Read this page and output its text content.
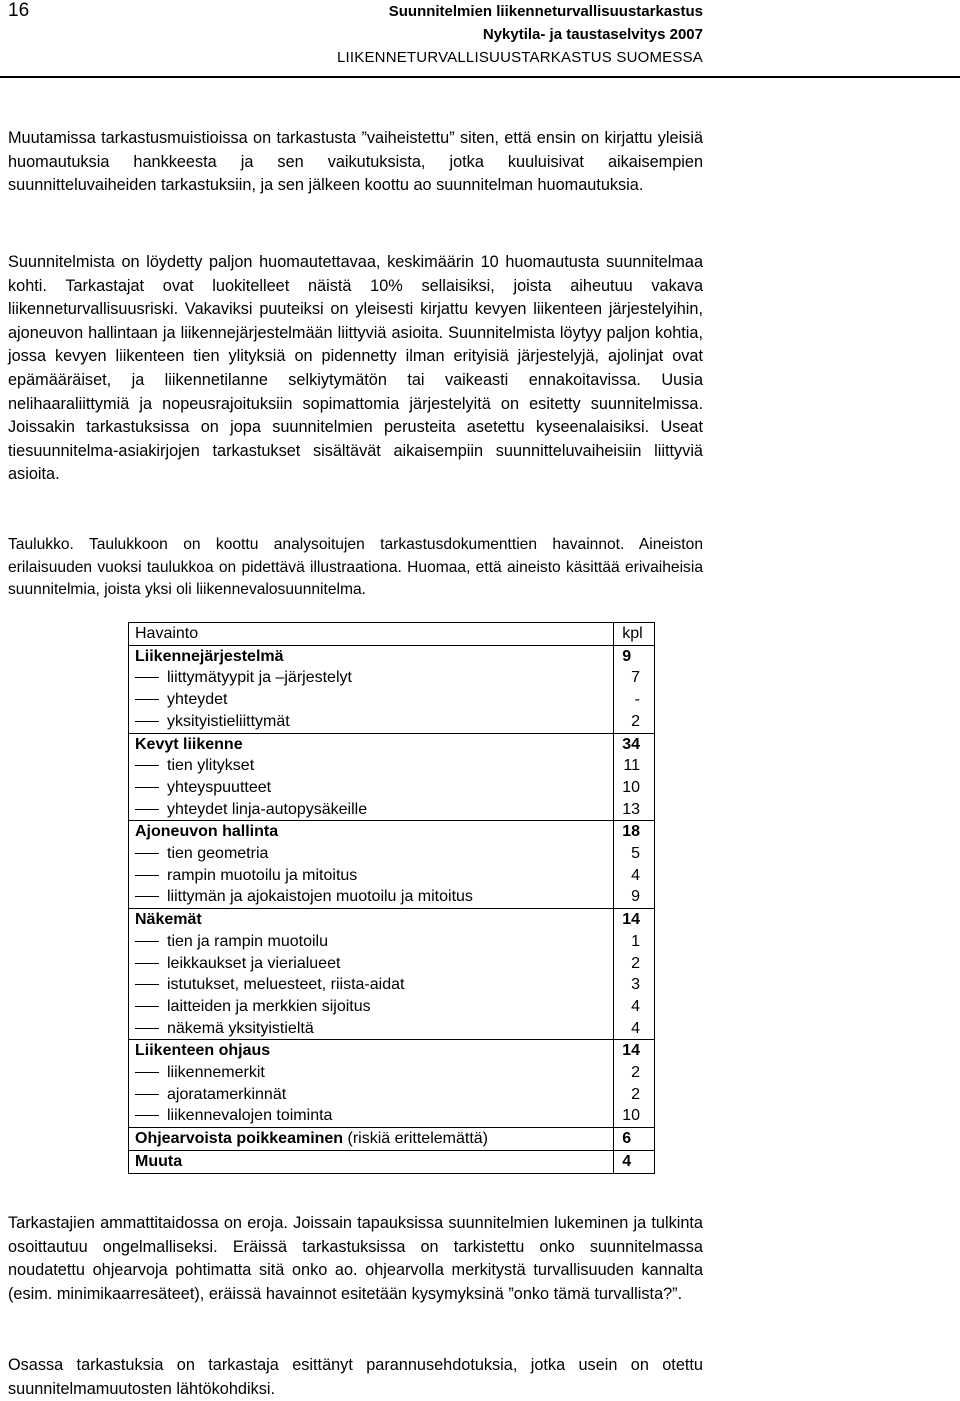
16	Suunnitelmien liikenneturvallisuustarkastus
Nykytila- ja taustaselvitys 2007
LIIKENNETURVALLISUUSTARKASTUS SUOMESSA

Muutamissa tarkastusmuistioissa on tarkastusta ”vaiheistettu” siten, että ensin on kirjattu yleisiä huomautuksia hankkeesta ja sen vaikutuksista, jotka kuuluisivat aikaisempien suunnitteluvaiheiden tarkastuksiin, ja sen jälkeen koottu ao suunnitelman huomautuksia.

Suunnitelmista on löydetty paljon huomautettavaa, keskimäärin 10 huomautusta suunnitelmaa kohti. Tarkastajat ovat luokitelleet näistä 10% sellaisiksi, joista aiheutuu vakava liikenneturvallisuusriski. Vakaviksi puuteiksi on yleisesti kirjattu kevyen liikenteen järjestelyihin, ajoneuvon hallintaan ja liikennejärjestelmään liittyviä asioita. Suunnitelmista löytyy paljon kohtia, jossa kevyen liikenteen tien ylityksiä on pidennetty ilman erityisiä järjestelyjä, ajolinjat ovat epämääräiset, ja liikennetilanne selkiytymätön tai vaikeasti ennakoitavissa. Uusia nelihaaraliittymiä ja nopeusrajoituksiin sopimattomia järjestelyitä on esitetty suunnitelmissa. Joissakin tarkastuksissa on jopa suunnitelmien perusteita asetettu kyseenalaisiksi. Useat tiesuunnitelma-asiakirjojen tarkastukset sisältävät aikaisempiin suunnitteluvaiheisiin liittyviä asioita.

Taulukko. Taulukkoon on koottu analysoitujen tarkastusdokumenttien havainnot. Aineiston erilaisuuden vuoksi taulukkoa on pidettävä illustraationa. Huomaa, että aineisto käsittää erivaiheisia suunnitelmia, joista yksi oli liikennevalosuunnitelma.

Havainto	kpl
Liikennejärjestelmä	9

liittymätyypit ja –järjestelyt	7

yhteydet	-

yksityistieliittymät	2
Kevyt liikenne	34

tien ylitykset	11

yhteyspuutteet	10

yhteydet linja-autopysäkeille	13
Ajoneuvon hallinta	18

tien geometria	5

rampin muotoilu ja mitoitus	4

liittymän ja ajokaistojen muotoilu ja mitoitus	9
Näkemät	14

tien ja rampin muotoilu	1

leikkaukset ja vierialueet	2

istutukset, meluesteet, riista-aidat	3

laitteiden ja merkkien sijoitus	4

näkemä yksityistieltä	4
Liikenteen ohjaus	14

liikennemerkit	2

ajoratamerkinnät	2

liikennevalojen toiminta	10
Ohjearvoista poikkeaminen (riskiä erittelemättä)	6
Muuta	4

Tarkastajien ammattitaidossa on eroja. Joissain tapauksissa suunnitelmien lukeminen ja tulkinta osoittautuu ongelmalliseksi. Eräissä tarkastuksissa on tarkistettu onko suunnitelmassa noudatettu ohjearvoja pohtimatta sitä onko ao. ohjearvolla merkitystä turvallisuuden kannalta (esim. minimikaarresäteet), eräissä havainnot esitetään kysymyksinä ”onko tämä turvallista?”.

Osassa tarkastuksia on tarkastaja esittänyt parannusehdotuksia, jotka usein on otettu suunnitelmamuutosten lähtökohdiksi.
